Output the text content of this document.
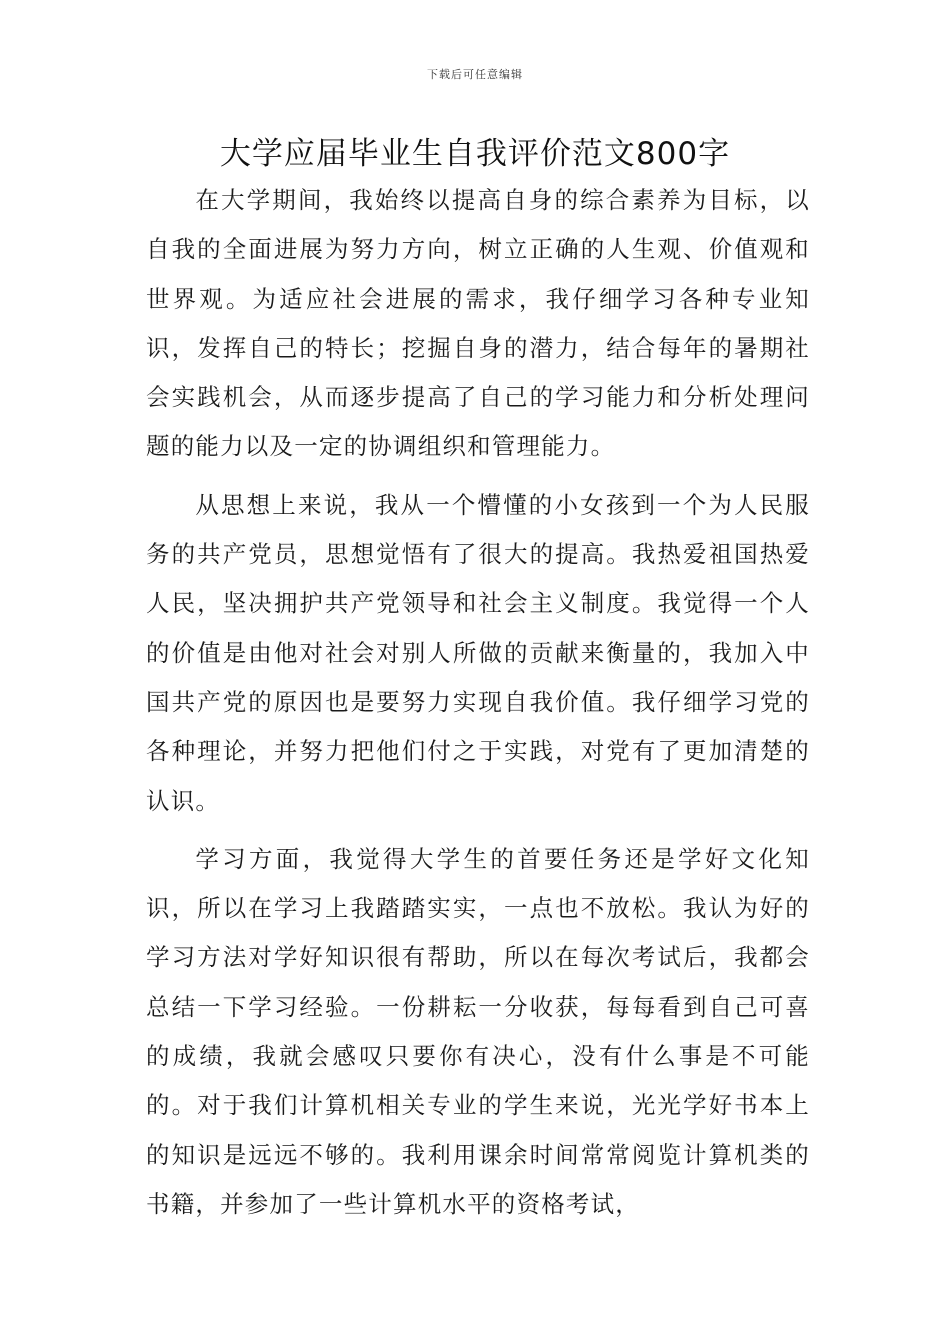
下载后可任意编辑
大学应届毕业生自我评价范文800字

在大学期间，我始终以提高自身的综合素养为目标，以自我的全面进展为努力方向，树立正确的人生观、价值观和世界观。为适应社会进展的需求，我仔细学习各种专业知识，发挥自己的特长；挖掘自身的潜力，结合每年的暑期社会实践机会，从而逐步提高了自己的学习能力和分析处理问题的能力以及一定的协调组织和管理能力。

从思想上来说，我从一个懵懂的小女孩到一个为人民服务的共产党员，思想觉悟有了很大的提高。我热爱祖国热爱人民，坚决拥护共产党领导和社会主义制度。我觉得一个人的价值是由他对社会对别人所做的贡献来衡量的，我加入中国共产党的原因也是要努力实现自我价值。我仔细学习党的各种理论，并努力把他们付之于实践，对党有了更加清楚的认识。

学习方面，我觉得大学生的首要任务还是学好文化知识，所以在学习上我踏踏实实，一点也不放松。我认为好的学习方法对学好知识很有帮助，所以在每次考试后，我都会总结一下学习经验。一份耕耘一分收获，每每看到自己可喜的成绩，我就会感叹只要你有决心，没有什么事是不可能的。对于我们计算机相关专业的学生来说，光光学好书本上的知识是远远不够的。我利用课余时间常常阅览计算机类的书籍，并参加了一些计算机水平的资格考试，
